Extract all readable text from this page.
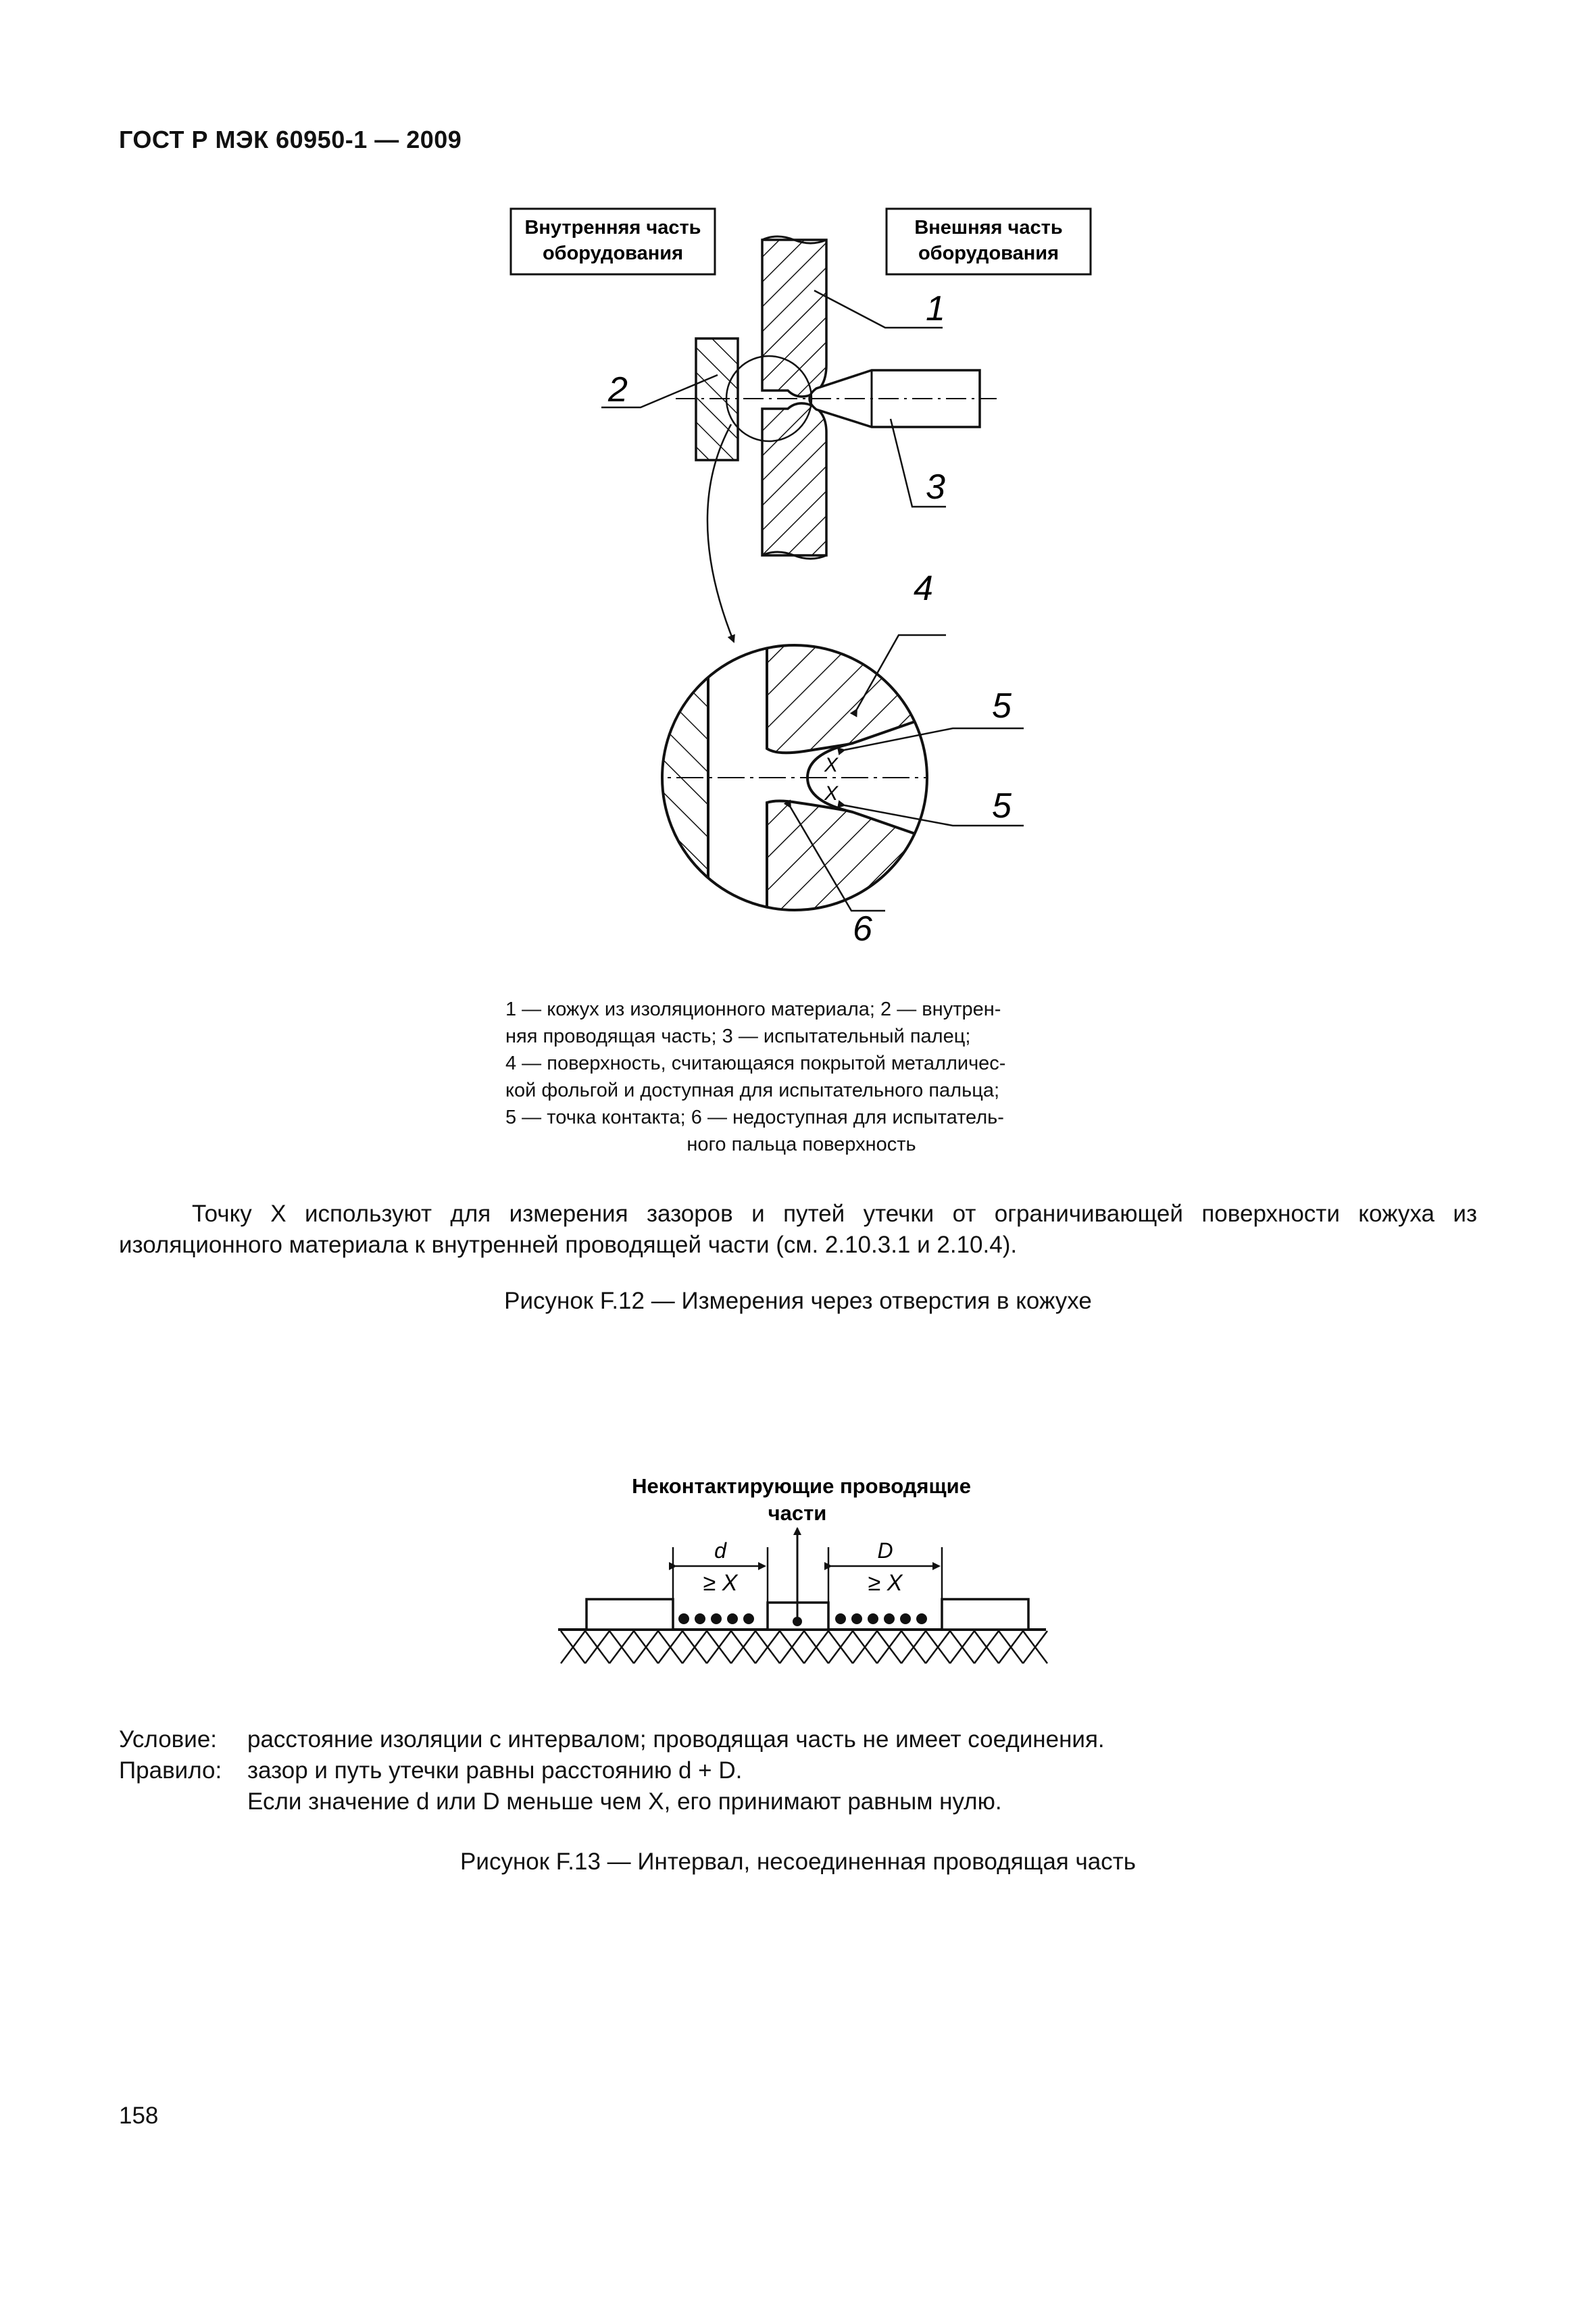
ГОСТ Р МЭК 60950-1 — 2009
1
2
3
4
5
5
6
X
X
Неконтактирующие проводящие
части
d	D
≥ X	≥ X
Внутренняя часть
оборудования
Внешняя часть
оборудования

1 — кожух из изоляционного материала; 2 — внутрен-

няя проводящая часть; 3 — испытательный палец;

4 — поверхность, считающаяся покрытой металличес-

кой фольгой и доступная для испытательного пальца;

5 — точка контакта; 6 — недоступная для испытатель-

ного пальца поверхность

Точку X используют для измерения зазоров и путей утечки от ограничивающей поверхности кожуха из изоляционного материала к внутренней проводящей части (см. 2.10.3.1 и 2.10.4).
Рисунок F.12 — Измерения через отверстия в кожухе
Условие: расстояние изоляции с интервалом; проводящая часть не имеет соединения.
Правило: зазор и путь утечки равны расстоянию d + D.
Если значение d или D меньше чем X, его принимают равным нулю.
Рисунок F.13 — Интервал, несоединенная проводящая часть
158
